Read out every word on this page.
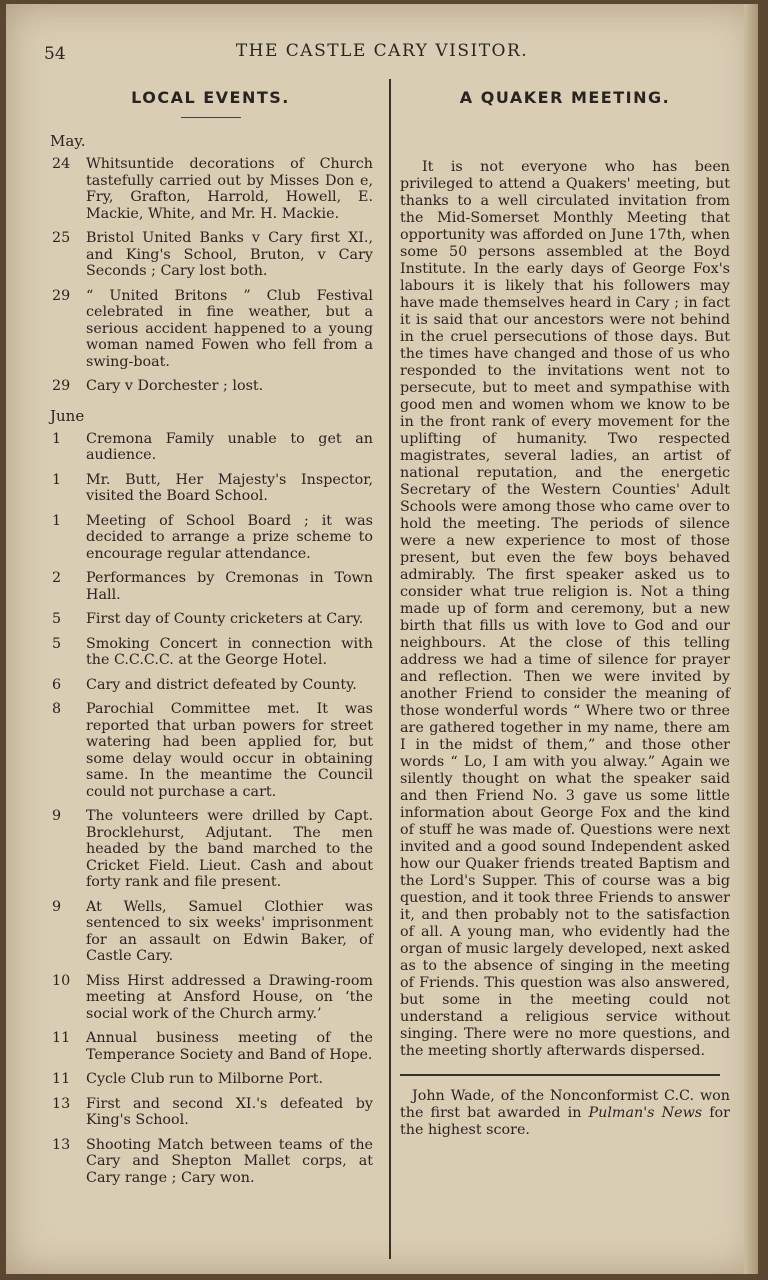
54	THE CASTLE CARY VISITOR.
LOCAL EVENTS.
May.
24	Whitsuntide decorations of Church tastefully carried out by Misses Don e, Fry, Grafton, Harrold, Howell, E. Mackie, White, and Mr. H. Mackie.
25	Bristol United Banks v Cary first XI., and King's School, Bruton, v Cary Seconds ; Cary lost both.
29	“ United Britons ” Club Festival celebrated in fine weather, but a serious accident happened to a young woman named Fowen who fell from a swing-boat.
29	Cary v Dorchester ; lost.
June
1	Cremona Family unable to get an audience.
1	Mr. Butt, Her Majesty's Inspector, visited the Board School.
1	Meeting of School Board ; it was decided to arrange a prize scheme to encourage regular attendance.
2	Performances by Cremonas in Town Hall.
5	First day of County cricketers at Cary.
5	Smoking Concert in connection with the C.C.C.C. at the George Hotel.
6	Cary and district defeated by County.
8	Parochial Committee met. It was reported that urban powers for street watering had been applied for, but some delay would occur in obtaining same. In the meantime the Council could not purchase a cart.
9	The volunteers were drilled by Capt. Brocklehurst, Adjutant. The men headed by the band marched to the Cricket Field. Lieut. Cash and about forty rank and file present.
9	At Wells, Samuel Clothier was sentenced to six weeks' imprisonment for an assault on Edwin Baker, of Castle Cary.
10	Miss Hirst addressed a Drawing-room meeting at Ansford House, on ‘the social work of the Church army.’
11	Annual business meeting of the Temperance Society and Band of Hope.
11	Cycle Club run to Milborne Port.
13	First and second XI.'s defeated by King's School.
13	Shooting Match between teams of the Cary and Shepton Mallet corps, at Cary range ; Cary won.
A QUAKER MEETING.
It is not everyone who has been privileged to attend a Quakers' meeting, but thanks to a well circulated invitation from the Mid-Somerset Monthly Meeting that opportunity was afforded on June 17th, when some 50 persons assembled at the Boyd Institute. In the early days of George Fox's labours it is likely that his followers may have made themselves heard in Cary ; in fact it is said that our ancestors were not behind in the cruel persecutions of those days. But the times have changed and those of us who responded to the invitations went not to persecute, but to meet and sympathise with good men and women whom we know to be in the front rank of every movement for the uplifting of humanity. Two respected magistrates, several ladies, an artist of national reputation, and the energetic Secretary of the Western Counties' Adult Schools were among those who came over to hold the meeting. The periods of silence were a new experience to most of those present, but even the few boys behaved admirably. The first speaker asked us to consider what true religion is. Not a thing made up of form and ceremony, but a new birth that fills us with love to God and our neighbours. At the close of this telling address we had a time of silence for prayer and reflection. Then we were invited by another Friend to consider the meaning of those wonderful words “ Where two or three are gathered together in my name, there am I in the midst of them,” and those other words “ Lo, I am with you alway.” Again we silently thought on what the speaker said and then Friend No. 3 gave us some little information about George Fox and the kind of stuff he was made of. Questions were next invited and a good sound Independent asked how our Quaker friends treated Baptism and the Lord's Supper. This of course was a big question, and it took three Friends to answer it, and then probably not to the satisfaction of all. A young man, who evidently had the organ of music largely developed, next asked as to the absence of singing in the meeting of Friends. This question was also answered, but some in the meeting could not understand a religious service without singing. There were no more questions, and the meeting shortly afterwards dispersed.
John Wade, of the Nonconformist C.C. won the first bat awarded in Pulman's News for the highest score.
